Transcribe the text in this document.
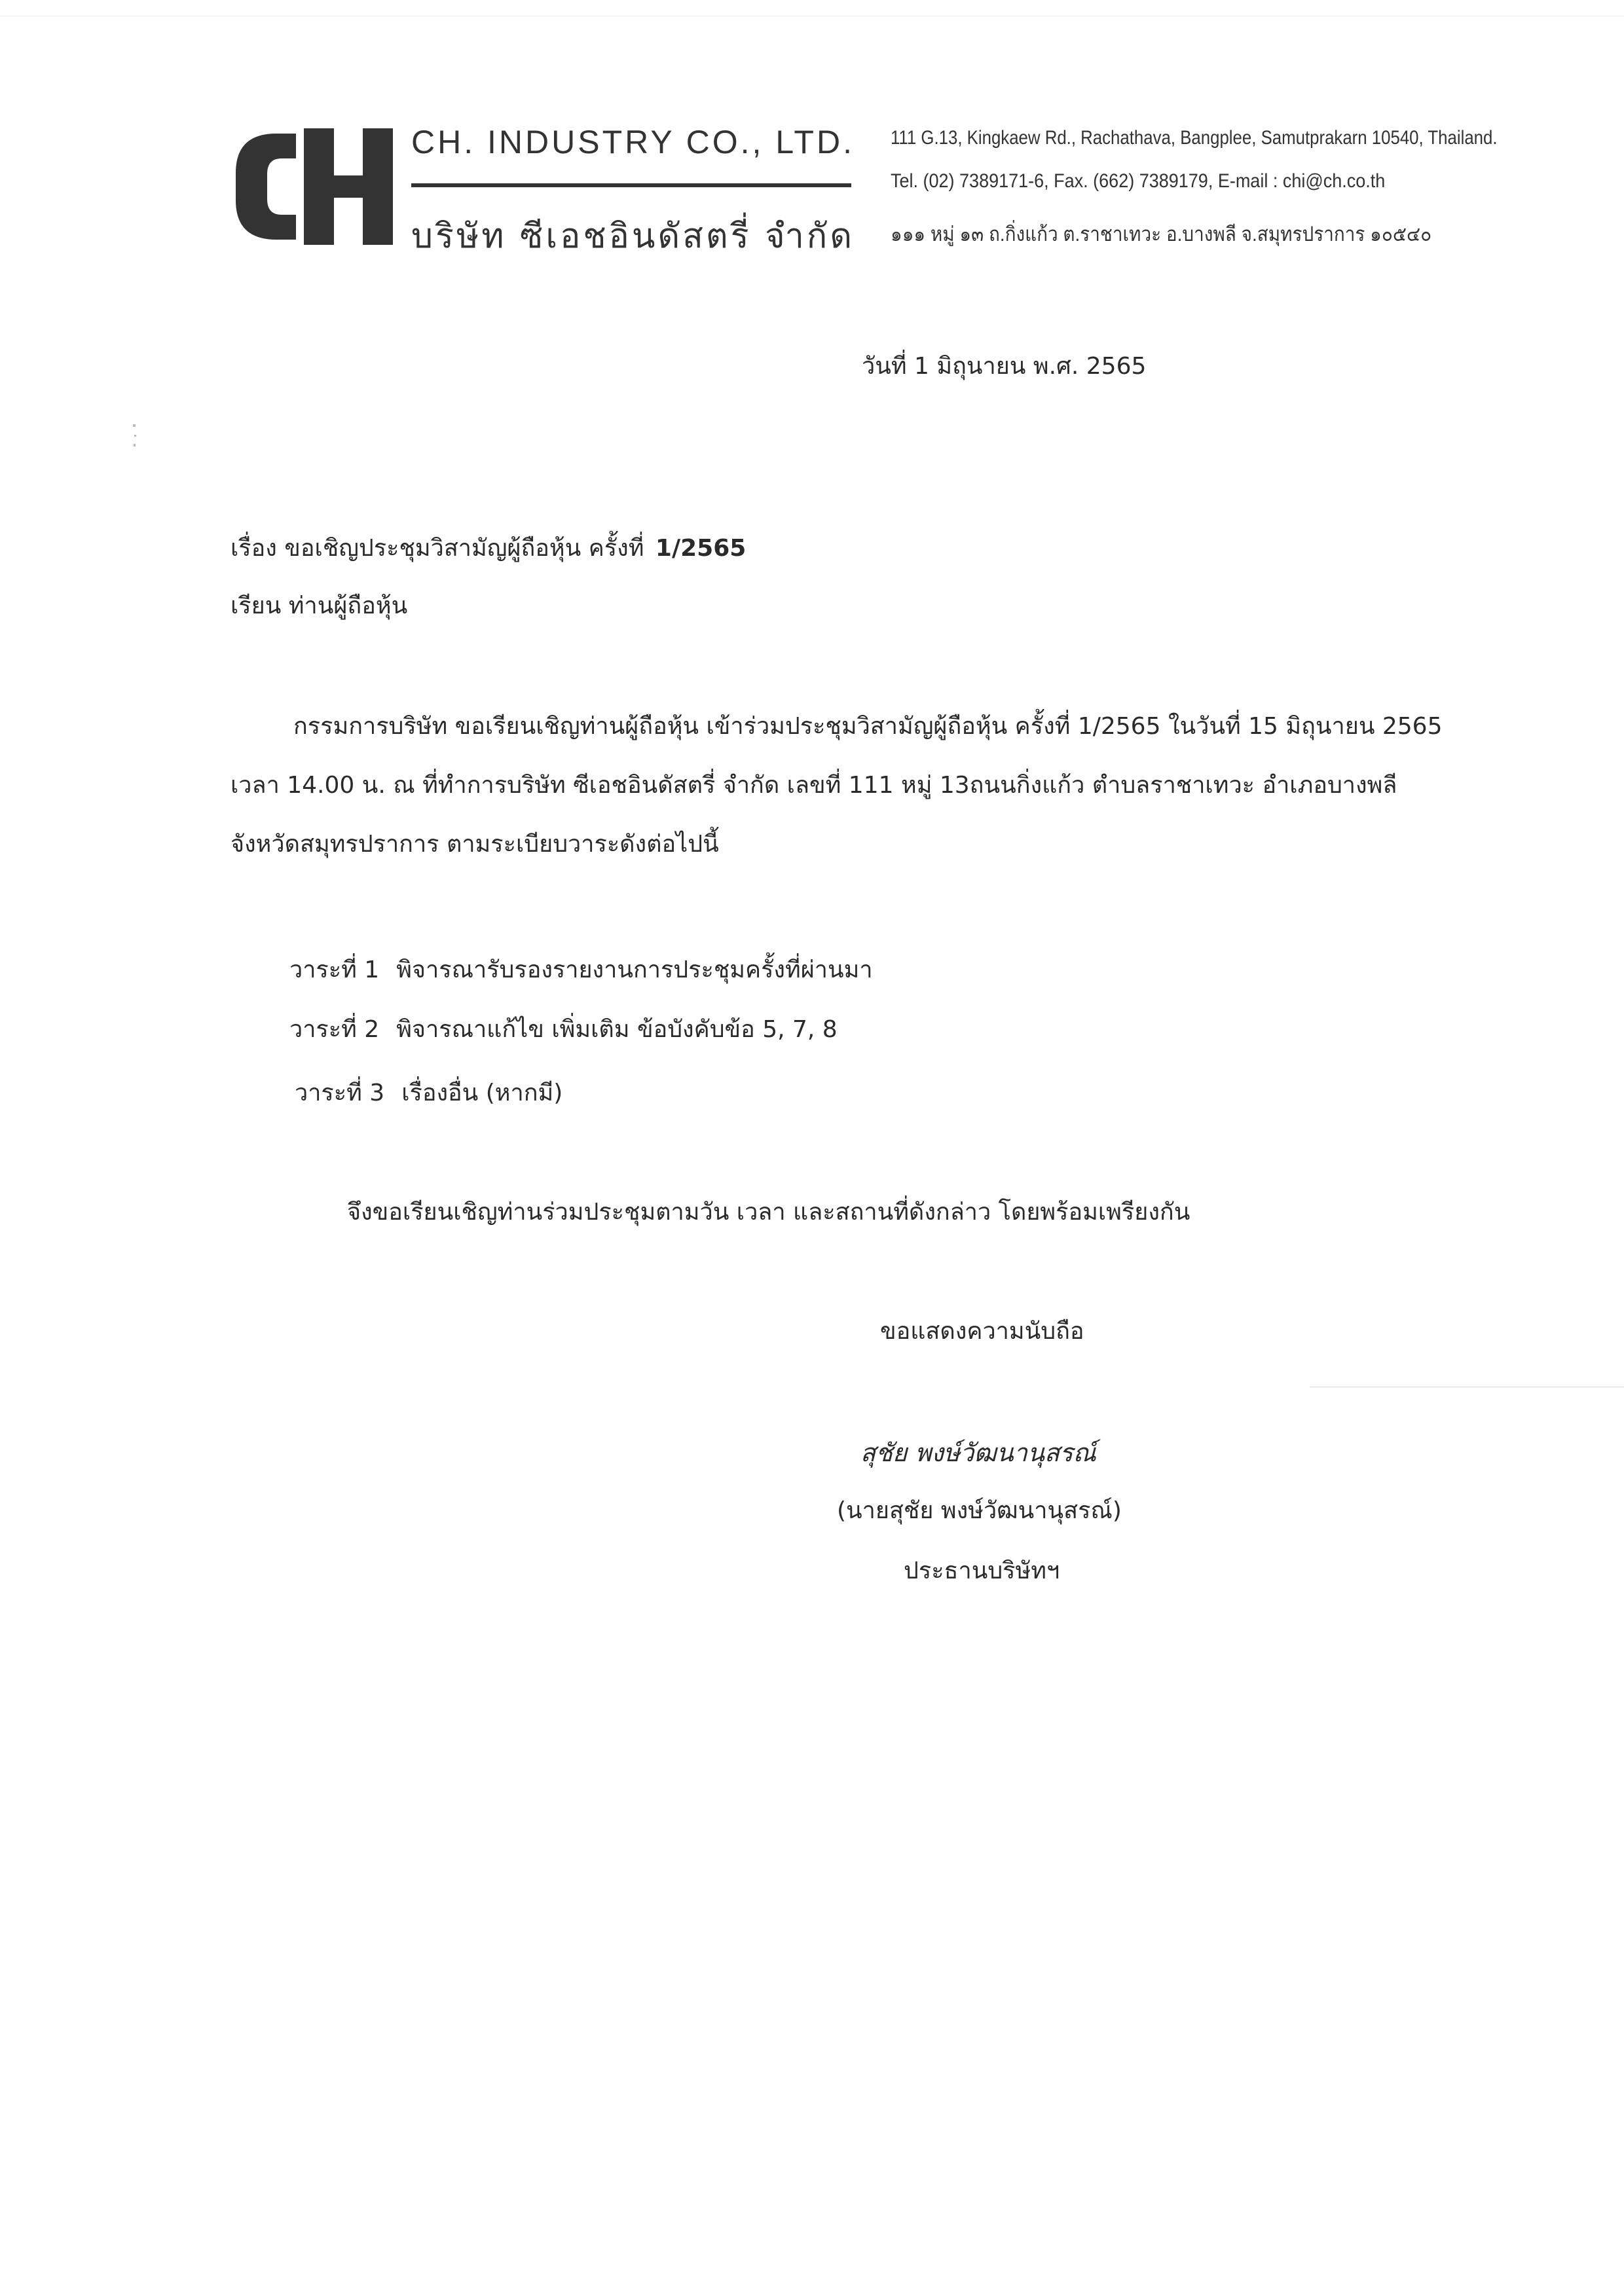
CH. INDUSTRY CO., LTD.
บริษัท ซีเอชอินดัสตรี่ จำกัด
111 G.13, Kingkaew Rd., Rachathava, Bangplee, Samutprakarn 10540, Thailand.
Tel. (02) 7389171-6, Fax. (662) 7389179, E-mail : chi@ch.co.th
๑๑๑ หมู่ ๑๓ ถ.กิ่งแก้ว ต.ราชาเทวะ อ.บางพลี จ.สมุทรปราการ ๑๐๕๔๐
วันที่ 1 มิถุนายน พ.ศ. 2565
เรื่อง ขอเชิญประชุมวิสามัญผู้ถือหุ้น ครั้งที่ 1/2565
เรียน ท่านผู้ถือหุ้น
กรรมการบริษัท ขอเรียนเชิญท่านผู้ถือหุ้น เข้าร่วมประชุมวิสามัญผู้ถือหุ้น ครั้งที่ 1/2565 ในวันที่ 15 มิถุนายน 2565
เวลา 14.00 น. ณ ที่ทำการบริษัท ซีเอชอินดัสตรี่ จำกัด เลขที่ 111 หมู่ 13ถนนกิ่งแก้ว ตำบลราชาเทวะ อำเภอบางพลี
จังหวัดสมุทรปราการ ตามระเบียบวาระดังต่อไปนี้
วาระที่ 1 พิจารณารับรองรายงานการประชุมครั้งที่ผ่านมา
วาระที่ 2 พิจารณาแก้ไข เพิ่มเติม ข้อบังคับข้อ 5, 7, 8
วาระที่ 3 เรื่องอื่น (หากมี)
จึงขอเรียนเชิญท่านร่วมประชุมตามวัน เวลา และสถานที่ดังกล่าว โดยพร้อมเพรียงกัน
ขอแสดงความนับถือ
สุชัย พงษ์วัฒนานุสรณ์
(นายสุชัย พงษ์วัฒนานุสรณ์)
ประธานบริษัทฯ
